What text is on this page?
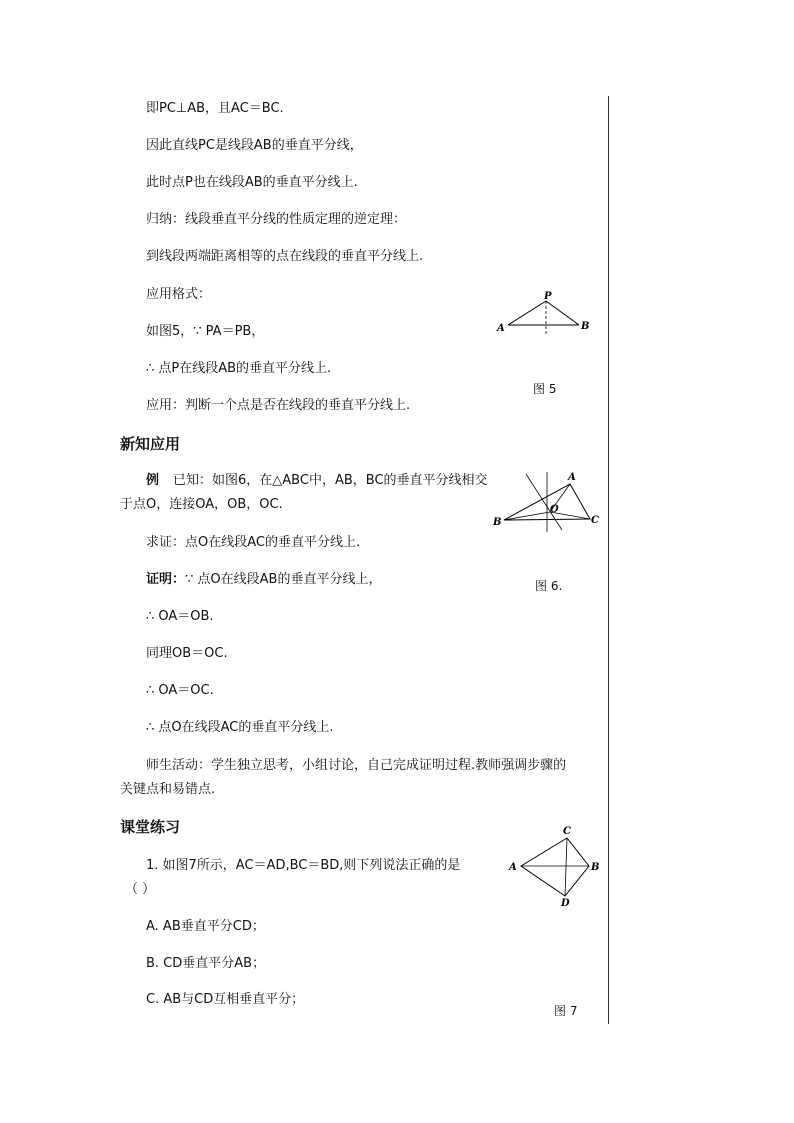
即PC⊥AB，且AC＝BC.
因此直线PC是线段AB的垂直平分线，
此时点P也在线段AB的垂直平分线上.
归纳：线段垂直平分线的性质定理的逆定理：
到线段两端距离相等的点在线段的垂直平分线上.
应用格式：
如图5，∵ PA＝PB，
∴ 点P在线段AB的垂直平分线上.
应用：判断一个点是否在线段的垂直平分线上.
P
A	B
图 5
新知应用
例 已知：如图6，在△ABC中，AB，BC的垂直平分线相交
于点O，连接OA，OB，OC.
求证：点O在线段AC的垂直平分线上.
证明：∵ 点O在线段AB的垂直平分线上，
∴ OA＝OB.
同理OB＝OC.
∴ OA＝OC.
∴ 点O在线段AC的垂直平分线上.
师生活动：学生独立思考，小组讨论，自己完成证明过程.教师强调步骤的
关键点和易错点.
A
B	C
O
图 6.
课堂练习
1. 如图7所示，AC＝AD,BC＝BD,则下列说法正确的是
（ ）
A. AB垂直平分CD；
B. CD垂直平分AB；
C. AB与CD互相垂直平分；
C
A	B
D
图 7
